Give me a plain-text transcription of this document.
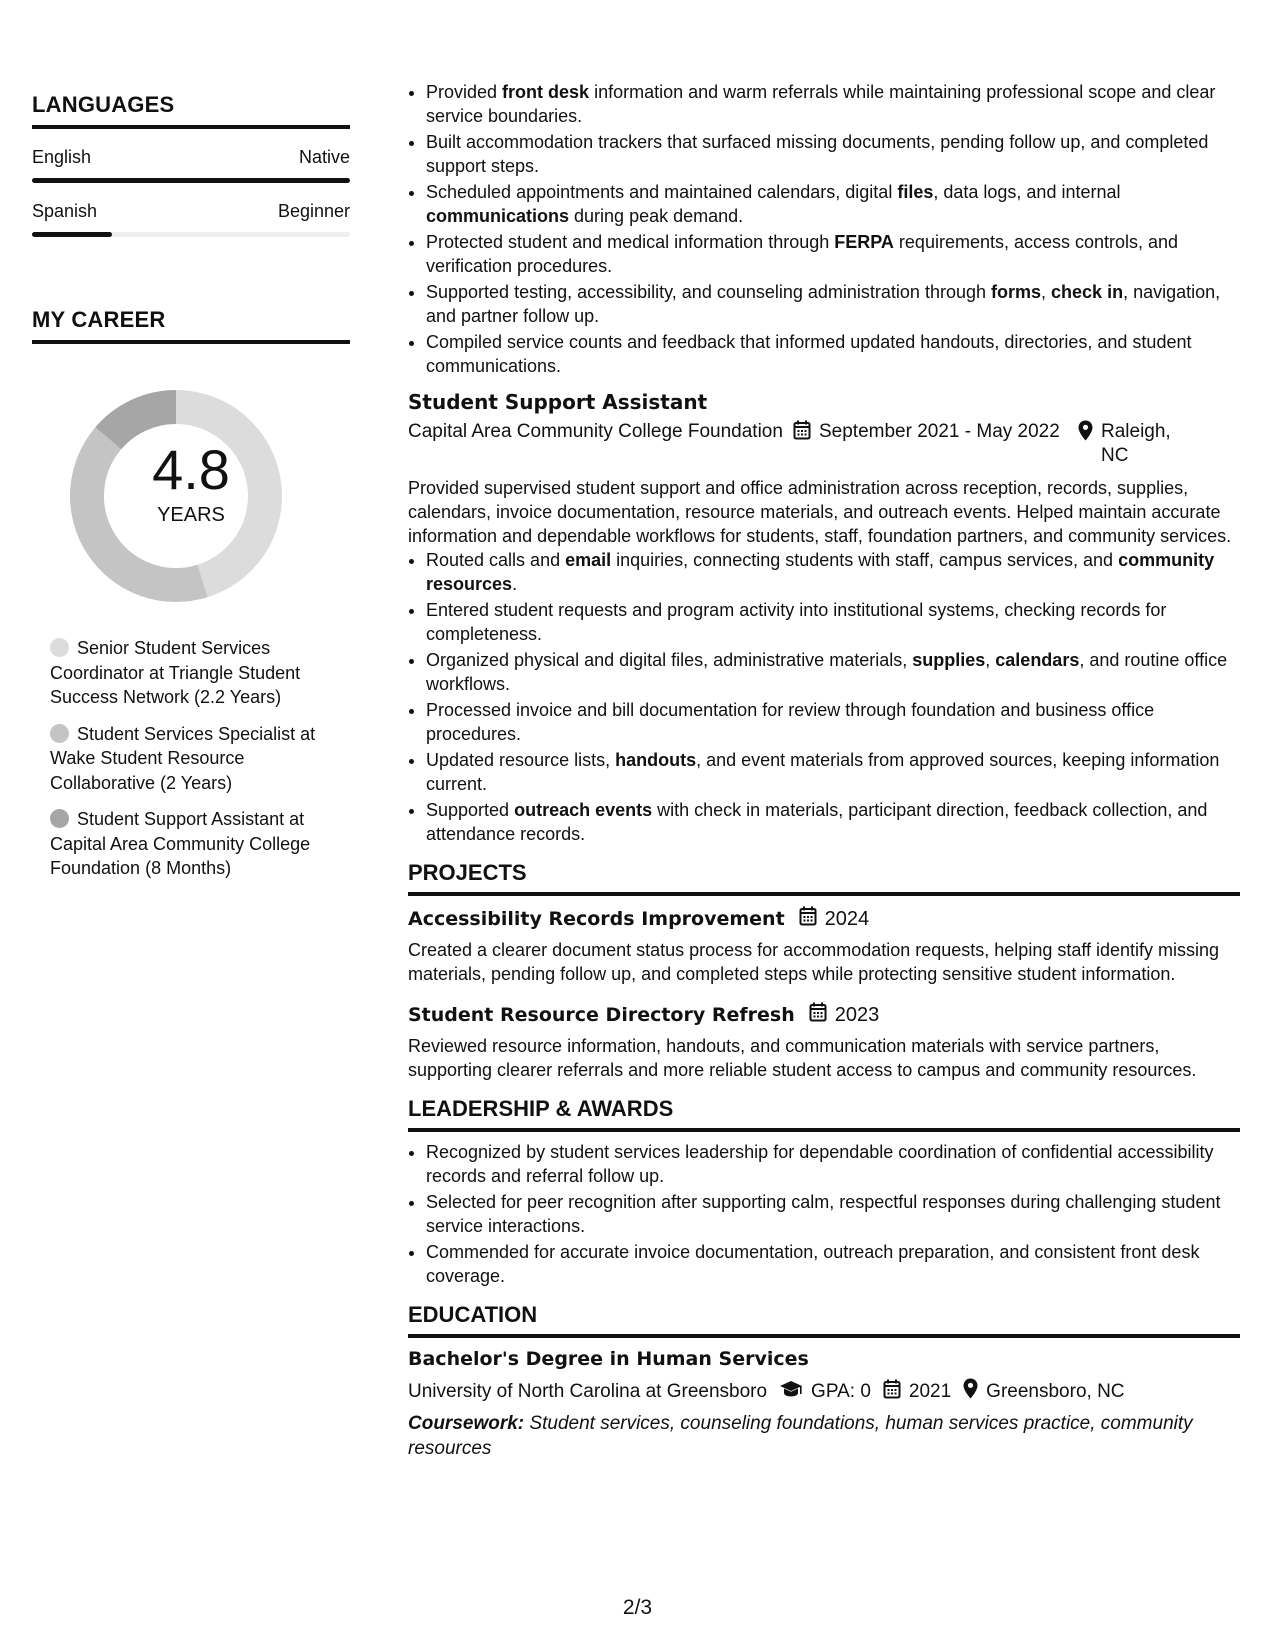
LANGUAGES
English	Native
Spanish	Beginner
MY CAREER
4.8
YEARS
Senior Student Services Coordinator at Triangle Student Success Network (2.2 Years)
Student Services Specialist at Wake Student Resource Collaborative (2 Years)
Student Support Assistant at Capital Area Community College Foundation (8 Months)
• Provided front desk information and warm referrals while maintaining professional scope and clear service boundaries.
• Built accommodation trackers that surfaced missing documents, pending follow up, and completed support steps.
• Scheduled appointments and maintained calendars, digital files, data logs, and internal communications during peak demand.
• Protected student and medical information through FERPA requirements, access controls, and verification procedures.
• Supported testing, accessibility, and counseling administration through forms, check in, navigation, and partner follow up.
• Compiled service counts and feedback that informed updated handouts, directories, and student communications.
Student Support Assistant
Capital Area Community College Foundation	September 2021 - May 2022 Raleigh, NC
Provided supervised student support and office administration across reception, records, supplies, calendars, invoice documentation, resource materials, and outreach events. Helped maintain accurate information and dependable workflows for students, staff, foundation partners, and community services.
• Routed calls and email inquiries, connecting students with staff, campus services, and community resources.
• Entered student requests and program activity into institutional systems, checking records for completeness.
• Organized physical and digital files, administrative materials, supplies, calendars, and routine office workflows.
• Processed invoice and bill documentation for review through foundation and business office procedures.
• Updated resource lists, handouts, and event materials from approved sources, keeping information current.
• Supported outreach events with check in materials, participant direction, feedback collection, and attendance records.
PROJECTS
Accessibility Records Improvement 2024
Created a clearer document status process for accommodation requests, helping staff identify missing materials, pending follow up, and completed steps while protecting sensitive student information.
Student Resource Directory Refresh 2023
Reviewed resource information, handouts, and communication materials with service partners, supporting clearer referrals and more reliable student access to campus and community resources.
LEADERSHIP & AWARDS
• Recognized by student services leadership for dependable coordination of confidential accessibility records and referral follow up.
• Selected for peer recognition after supporting calm, respectful responses during challenging student service interactions.
• Commended for accurate invoice documentation, outreach preparation, and consistent front desk coverage.
EDUCATION
Bachelor's Degree in Human Services
University of North Carolina at Greensboro GPA: 0 2021 Greensboro, NC
Coursework: Student services, counseling foundations, human services practice, community resources
2/3
